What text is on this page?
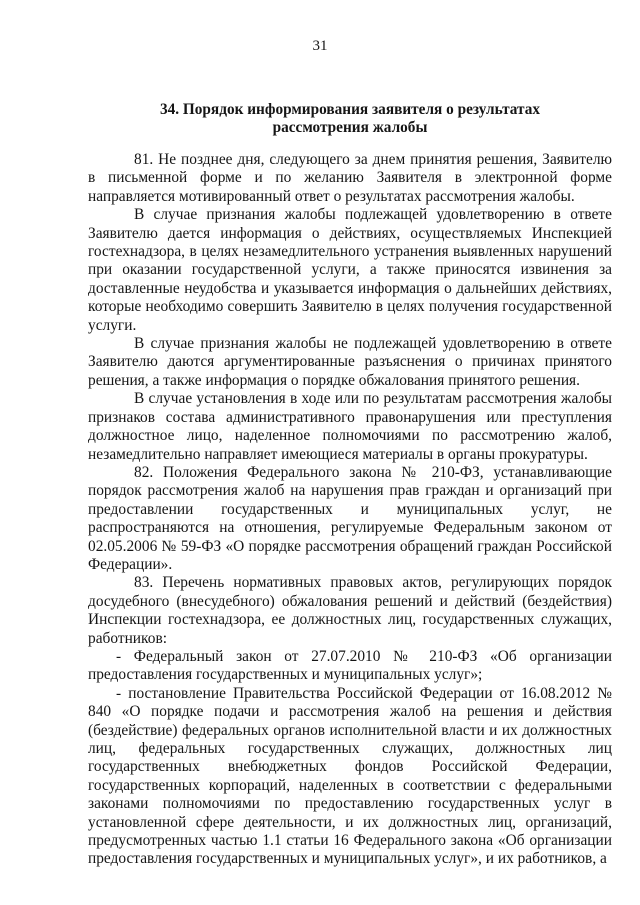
31
34. Порядок информирования заявителя о результатах
рассмотрения жалобы

81. Не позднее дня, следующего за днем принятия решения, Заявителю в письменной форме и по желанию Заявителя в электронной форме направляется мотивированный ответ о результатах рассмотрения жалобы.

В случае признания жалобы подлежащей удовлетворению в ответе Заявителю дается информация о действиях, осуществляемых Инспекцией гостехнадзора, в целях незамедлительного устранения выявленных нарушений при оказании государственной услуги, а также приносятся извинения за доставленные неудобства и указывается информация о дальнейших действиях, которые необходимо совершить Заявителю в целях получения государственной услуги.

В случае признания жалобы не подлежащей удовлетворению в ответе Заявителю даются аргументированные разъяснения о причинах принятого решения, а также информация о порядке обжалования принятого решения.

В случае установления в ходе или по результатам рассмотрения жалобы признаков состава административного правонарушения или преступления должностное лицо, наделенное полномочиями по рассмотрению жалоб, незамедлительно направляет имеющиеся материалы в органы прокуратуры.

82. Положения Федерального закона № 210-ФЗ, устанавливающие порядок рассмотрения жалоб на нарушения прав граждан и организаций при предоставлении государственных и муниципальных услуг, не распространяются на отношения, регулируемые Федеральным законом от 02.05.2006 № 59-ФЗ «О порядке рассмотрения обращений граждан Российской Федерации».

83. Перечень нормативных правовых актов, регулирующих порядок досудебного (внесудебного) обжалования решений и действий (бездействия) Инспекции гостехнадзора, ее должностных лиц, государственных служащих, работников:

- Федеральный закон от 27.07.2010 № 210-ФЗ «Об организации предоставления государственных и муниципальных услуг»;

- постановление Правительства Российской Федерации от 16.08.2012 № 840 «О порядке подачи и рассмотрения жалоб на решения и действия (бездействие) федеральных органов исполнительной власти и их должностных лиц, федеральных государственных служащих, должностных лиц государственных внебюджетных фондов Российской Федерации, государственных корпораций, наделенных в соответствии с федеральными законами полномочиями по предоставлению государственных услуг в установленной сфере деятельности, и их должностных лиц, организаций, предусмотренных частью 1.1 статьи 16 Федерального закона «Об организации предоставления государственных и муниципальных услуг», и их работников, а
